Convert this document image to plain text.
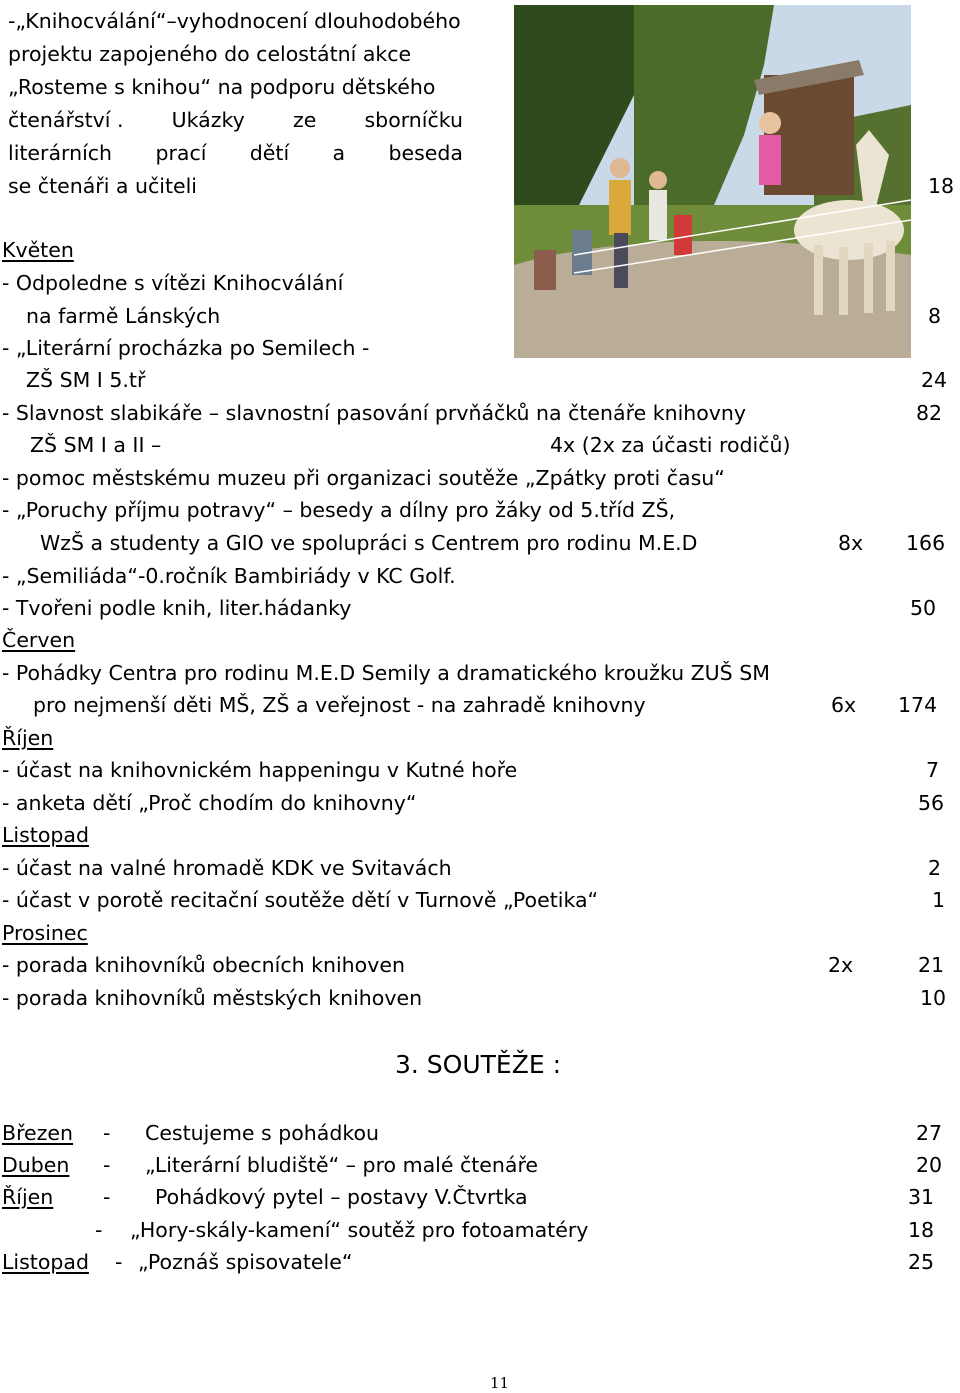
-„Knihocválání“–vyhodnocení dlouhodobého
projektu zapojeného do celostátní akce
„Rosteme s knihou“ na podporu dětského
čtenářství . Ukázky ze sborníčku
literárních prací dětí a beseda
se čtenáři a učiteli	18
Květen
- Odpoledne s vítězi Knihocválání
na farmě Lánských	8
- „Literární procházka po Semilech -
ZŠ SM I 5.tř	24
- Slavnost slabikáře – slavnostní pasování prvňáčků na čtenáře knihovny	82
ZŠ SM I a II –	4x (2x za účasti rodičů)
- pomoc městskému muzeu při organizaci soutěže „Zpátky proti času“
- „Poruchy příjmu potravy“ – besedy a dílny pro žáky od 5.tříd ZŠ,
WzŠ a studenty a GIO ve spolupráci s Centrem pro rodinu M.E.D	8x 166
- „Semiliáda“-0.ročník Bambiriády v KC Golf.
- Tvořeni podle knih, liter.hádanky	50
Červen
- Pohádky Centra pro rodinu M.E.D Semily a dramatického kroužku ZUŠ SM
pro nejmenší děti MŠ, ZŠ a veřejnost - na zahradě knihovny	6x 174
Říjen
- účast na knihovnickém happeningu v Kutné hoře	7
- anketa dětí „Proč chodím do knihovny“	56
Listopad
- účast na valné hromadě KDK ve Svitavách	2
- účast v porotě recitační soutěže dětí v Turnově „Poetika“	1
Prosinec
- porada knihovníků obecních knihoven	2x	21
- porada knihovníků městských knihoven	10
3. SOUTĚŽE :
Březen - Cestujeme s pohádkou	27
Duben - „Literární bludiště“ – pro malé čtenáře	20
Říjen - Pohádkový pytel – postavy V.Čtvrtka	31
- „Hory-skály-kamení“ soutěž pro fotoamatéry	18
Listopad - „Poznáš spisovatele“	25
11
